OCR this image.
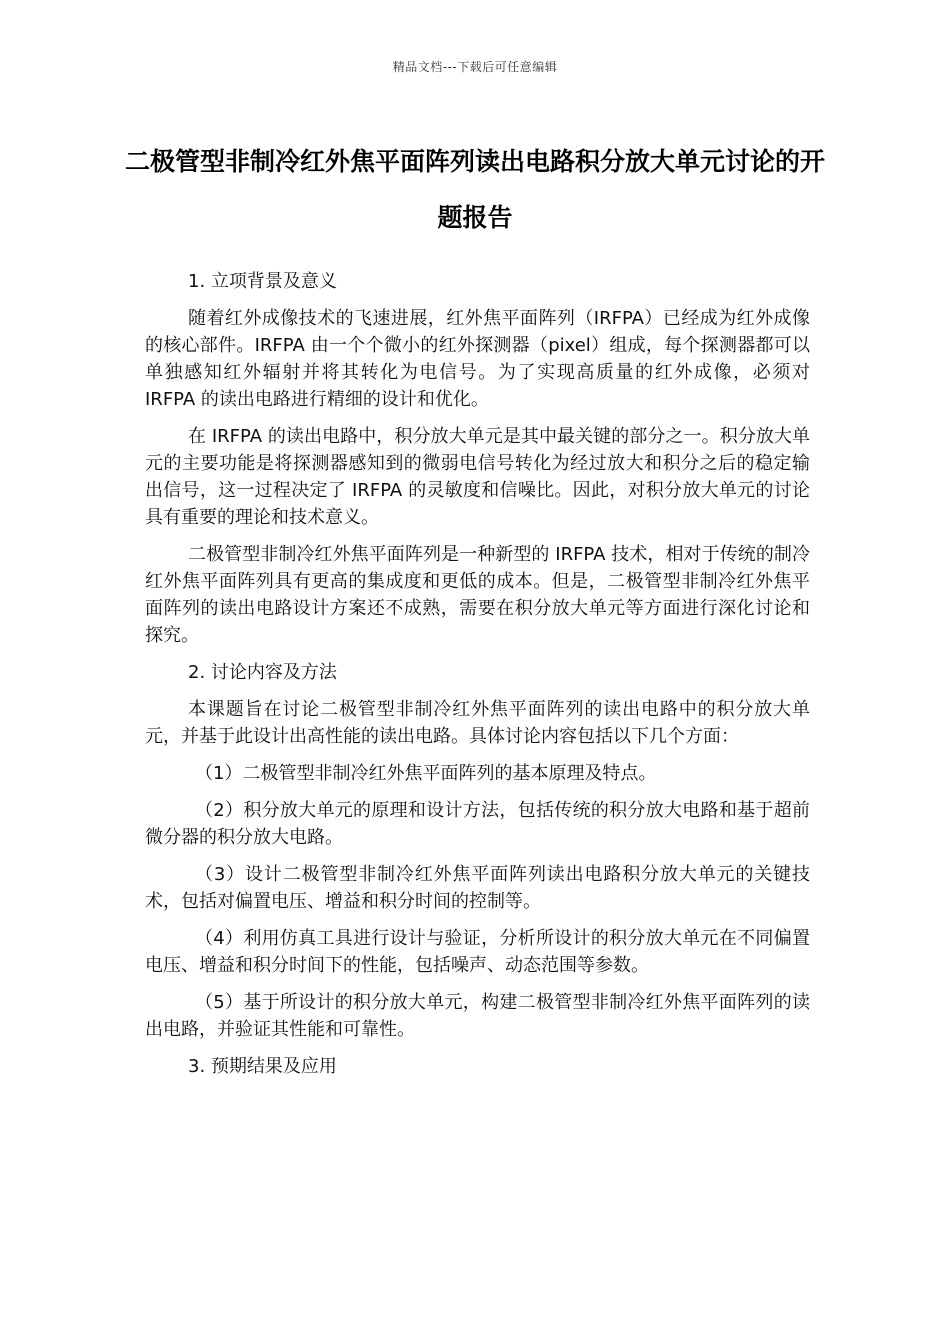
精品文档---下载后可任意编辑
二极管型非制冷红外焦平面阵列读出电路积分放大单元讨论的开题报告

1. 立项背景及意义

随着红外成像技术的飞速进展，红外焦平面阵列（IRFPA）已经成为红外成像的核心部件。IRFPA 由一个个微小的红外探测器（pixel）组成，每个探测器都可以单独感知红外辐射并将其转化为电信号。为了实现高质量的红外成像，必须对 IRFPA 的读出电路进行精细的设计和优化。

在 IRFPA 的读出电路中，积分放大单元是其中最关键的部分之一。积分放大单元的主要功能是将探测器感知到的微弱电信号转化为经过放大和积分之后的稳定输出信号，这一过程决定了 IRFPA 的灵敏度和信噪比。因此，对积分放大单元的讨论具有重要的理论和技术意义。

二极管型非制冷红外焦平面阵列是一种新型的 IRFPA 技术，相对于传统的制冷红外焦平面阵列具有更高的集成度和更低的成本。但是，二极管型非制冷红外焦平面阵列的读出电路设计方案还不成熟，需要在积分放大单元等方面进行深化讨论和探究。

2. 讨论内容及方法

本课题旨在讨论二极管型非制冷红外焦平面阵列的读出电路中的积分放大单元，并基于此设计出高性能的读出电路。具体讨论内容包括以下几个方面：

（1）二极管型非制冷红外焦平面阵列的基本原理及特点。

（2）积分放大单元的原理和设计方法，包括传统的积分放大电路和基于超前微分器的积分放大电路。

（3）设计二极管型非制冷红外焦平面阵列读出电路积分放大单元的关键技术，包括对偏置电压、增益和积分时间的控制等。

（4）利用仿真工具进行设计与验证，分析所设计的积分放大单元在不同偏置电压、增益和积分时间下的性能，包括噪声、动态范围等参数。

（5）基于所设计的积分放大单元，构建二极管型非制冷红外焦平面阵列的读出电路，并验证其性能和可靠性。

3. 预期结果及应用
